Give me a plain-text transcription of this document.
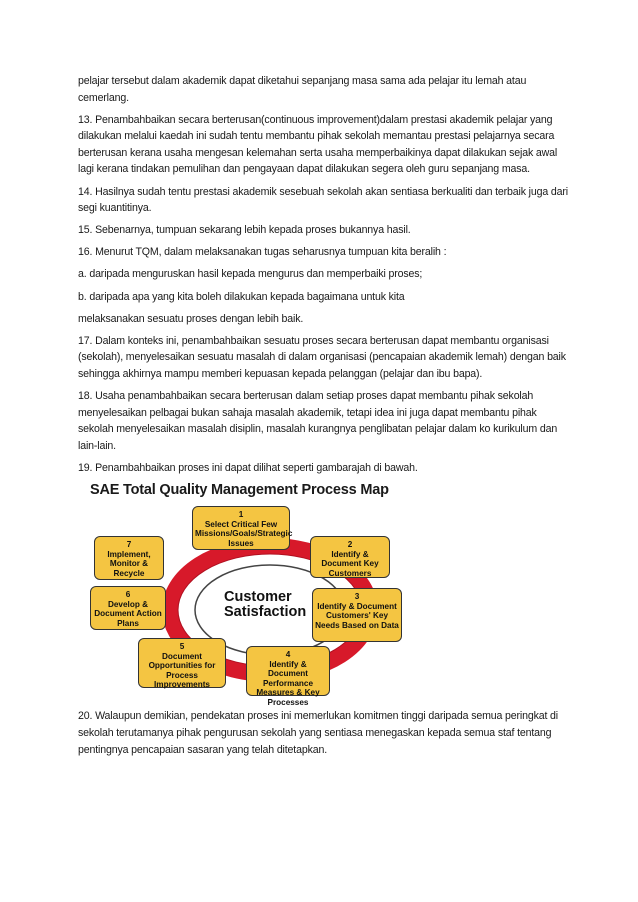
pelajar tersebut dalam akademik dapat diketahui sepanjang masa sama ada pelajar itu lemah atau cemerlang.

13. Penambahbaikan secara berterusan(continuous improvement)dalam prestasi akademik pelajar yang dilakukan melalui kaedah ini sudah tentu membantu pihak sekolah memantau prestasi pelajarnya secara berterusan kerana usaha mengesan kelemahan serta usaha memperbaikinya dapat dilakukan sejak awal lagi kerana tindakan pemulihan dan pengayaan dapat dilakukan segera oleh guru sepanjang masa.

14. Hasilnya sudah tentu prestasi akademik sesebuah sekolah akan sentiasa berkualiti dan terbaik juga dari segi kuantitinya.

15. Sebenarnya, tumpuan sekarang lebih kepada proses bukannya hasil.

16. Menurut TQM, dalam melaksanakan tugas seharusnya tumpuan kita beralih :

a. daripada menguruskan hasil kepada mengurus dan memperbaiki proses;

b. daripada apa yang kita boleh dilakukan kepada bagaimana untuk kita

melaksanakan sesuatu proses dengan lebih baik.

17. Dalam konteks ini, penambahbaikan sesuatu proses secara berterusan dapat membantu organisasi (sekolah), menyelesaikan sesuatu masalah di dalam organisasi (pencapaian akademik lemah) dengan baik sehingga akhirnya mampu memberi kepuasan kepada pelanggan (pelajar dan ibu bapa).

18. Usaha penambahbaikan secara berterusan dalam setiap proses dapat membantu pihak sekolah menyelesaikan pelbagai bukan sahaja masalah akademik, tetapi idea ini juga dapat membantu pihak sekolah menyelesaikan masalah disiplin, masalah kurangnya penglibatan pelajar dalam ko kurikulum dan lain-lain.

19. Penambahbaikan proses ini dapat dilihat seperti gambarajah di bawah.

SAE Total Quality Management Process Map
Customer
Satisfaction
1
Select Critical Few Missions/Goals/Strategic Issues	2
Identify & Document Key Customers
3
Identify & Document Customers' Key Needs Based on Data
4
Identify & Document Performance Measures & Key Processes
5
Document Opportunities for Process Improvements
6
Develop & Document Action Plans
7
Implement, Monitor & Recycle

20. Walaupun demikian, pendekatan proses ini memerlukan komitmen tinggi daripada semua peringkat di sekolah terutamanya pihak pengurusan sekolah yang sentiasa menegaskan kepada semua staf tentang pentingnya pencapaian sasaran yang telah ditetapkan.
